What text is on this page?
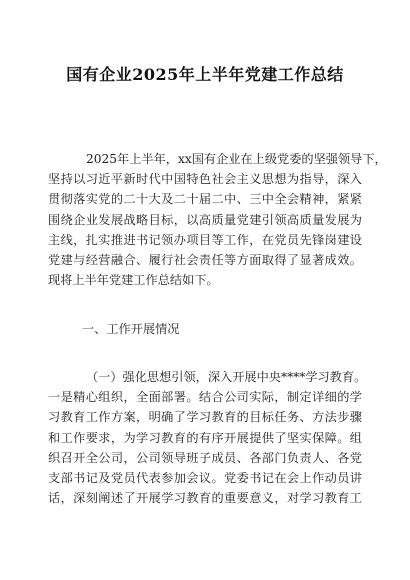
国有企业2025年上半年党建工作总结
2025年上半年，xx国有企业在上级党委的坚强领导下，
坚持以习近平新时代中国特色社会主义思想为指导，深入
贯彻落实党的二十大及二十届二中、三中全会精神，紧紧
围绕企业发展战略目标，以高质量党建引领高质量发展为
主线，扎实推进书记领办项目等工作，在党员先锋岗建设
党建与经营融合、履行社会责任等方面取得了显著成效。
现将上半年党建工作总结如下。
一、工作开展情况
（一）强化思想引领，深入开展中央****学习教育。
一是精心组织，全面部署。结合公司实际，制定详细的学
习教育工作方案，明确了学习教育的目标任务、方法步骤
和工作要求，为学习教育的有序开展提供了坚实保障。组
织召开全公司，公司领导班子成员、各部门负责人、各党
支部书记及党员代表参加会议。党委书记在会上作动员讲
话，深刻阐述了开展学习教育的重要意义，对学习教育工
